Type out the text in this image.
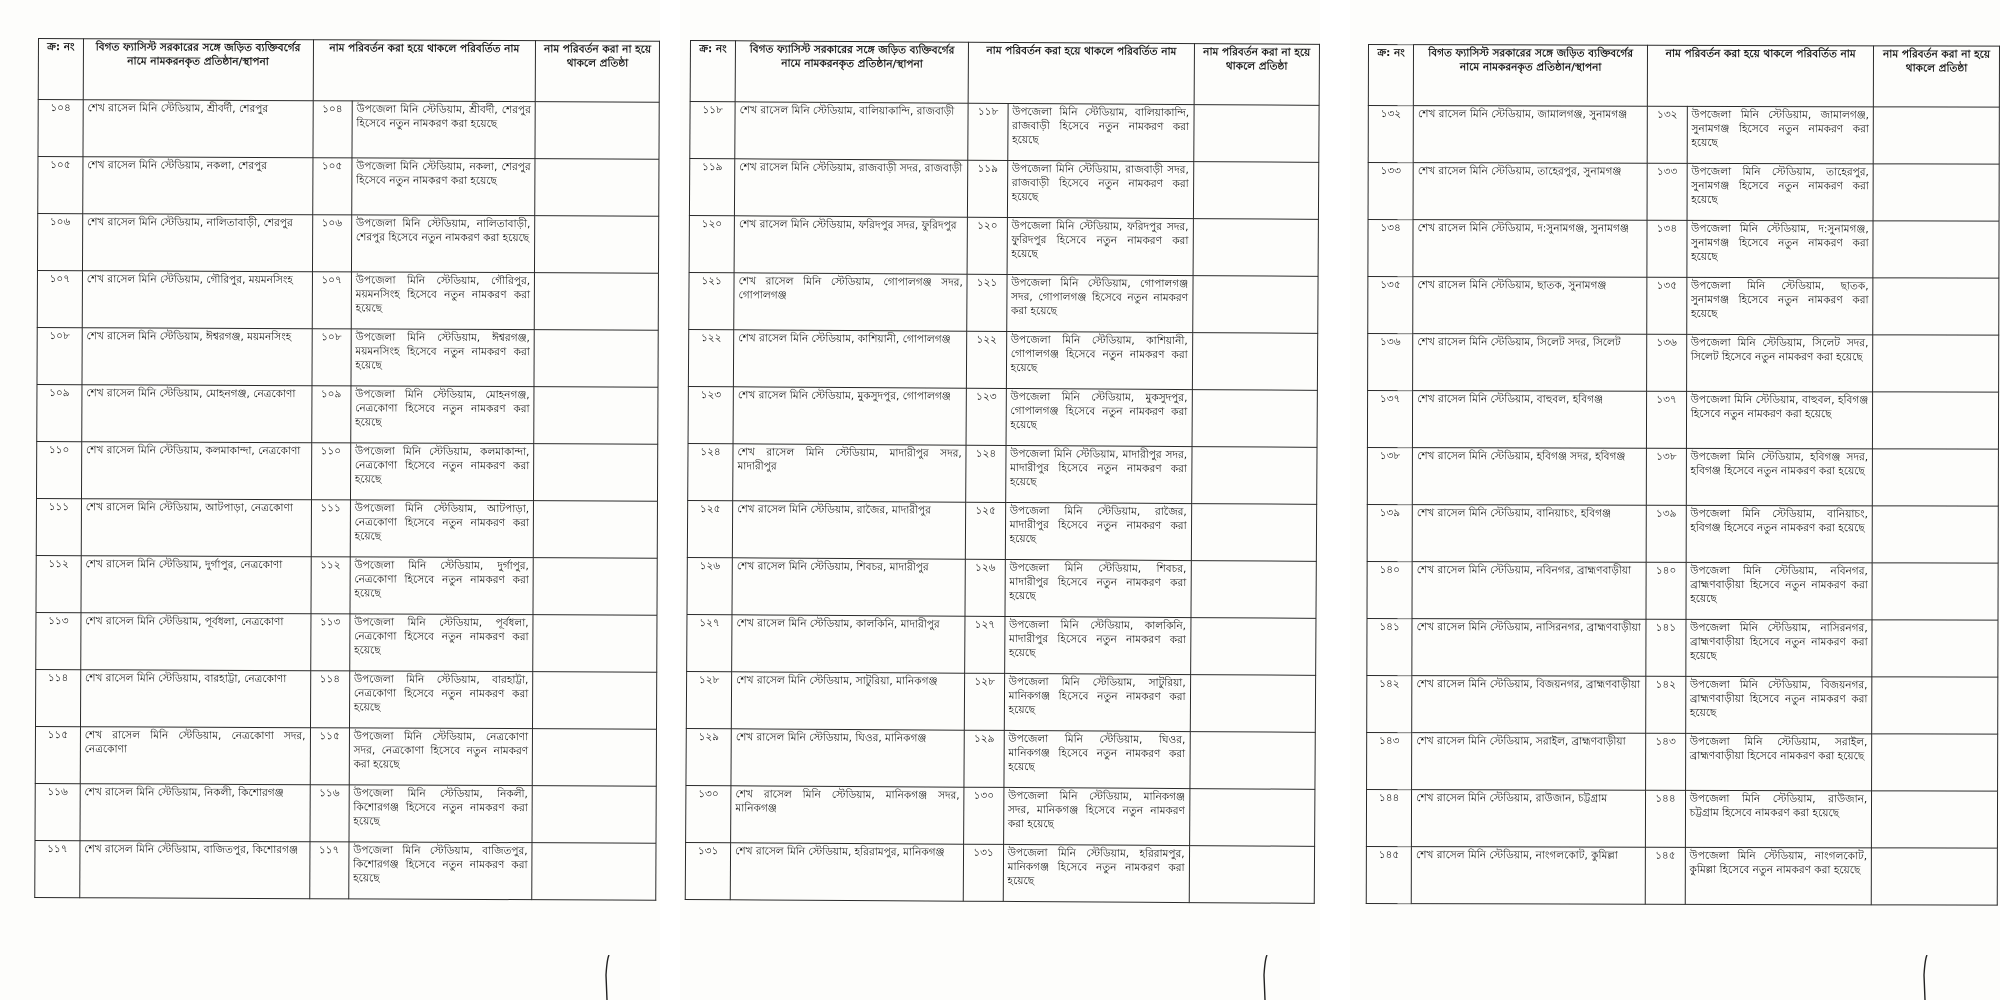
ক্র: নং	বিগত ফ্যাসিস্ট সরকারের সঙ্গে জড়িত ব্যক্তিবর্গের নামে নামকরনকৃত প্রতিষ্ঠান/স্থাপনা	নাম পরিবর্তন করা হয়ে থাকলে পরিবর্তিত নাম		নাম পরিবর্তন করা না হয়ে থাকলে প্রতিষ্ঠা
১০৪	শেখ রাসেল মিনি স্টেডিয়াম, শ্রীবর্দী, শেরপুর	১০৪	উপজেলা মিনি স্টেডিয়াম, শ্রীবর্দী, শেরপুর হিসেবে নতুন নামকরণ করা হয়েছে	
১০৫	শেখ রাসেল মিনি স্টেডিয়াম, নকলা, শেরপুর	১০৫	উপজেলা মিনি স্টেডিয়াম, নকলা, শেরপুর হিসেবে নতুন নামকরণ করা হয়েছে	
১০৬	শেখ রাসেল মিনি স্টেডিয়াম, নালিতাবাড়ী, শেরপুর	১০৬	উপজেলা মিনি স্টেডিয়াম, নালিতাবাড়ী, শেরপুর হিসেবে নতুন নামকরণ করা হয়েছে	
১০৭	শেখ রাসেল মিনি স্টেডিয়াম, গৌরিপুর, ময়মনসিংহ	১০৭	উপজেলা মিনি স্টেডিয়াম, গৌরিপুর, ময়মনসিংহ হিসেবে নতুন নামকরণ করা হয়েছে	
১০৮	শেখ রাসেল মিনি স্টেডিয়াম, ঈশ্বরগঞ্জ, ময়মনসিংহ	১০৮	উপজেলা মিনি স্টেডিয়াম, ঈশ্বরগঞ্জ, ময়মনসিংহ হিসেবে নতুন নামকরণ করা হয়েছে	
১০৯	শেখ রাসেল মিনি স্টেডিয়াম, মোহনগঞ্জ, নেত্রকোণা	১০৯	উপজেলা মিনি স্টেডিয়াম, মোহনগঞ্জ, নেত্রকোণা হিসেবে নতুন নামকরণ করা হয়েছে	
১১০	শেখ রাসেল মিনি স্টেডিয়াম, কলমাকান্দা, নেত্রকোণা	১১০	উপজেলা মিনি স্টেডিয়াম, কলমাকান্দা, নেত্রকোণা হিসেবে নতুন নামকরণ করা হয়েছে	
১১১	শেখ রাসেল মিনি স্টেডিয়াম, আটপাড়া, নেত্রকোণা	১১১	উপজেলা মিনি স্টেডিয়াম, আটপাড়া, নেত্রকোণা হিসেবে নতুন নামকরণ করা হয়েছে	
১১২	শেখ রাসেল মিনি স্টেডিয়াম, দুর্গাপুর, নেত্রকোণা	১১২	উপজেলা মিনি স্টেডিয়াম, দুর্গাপুর, নেত্রকোণা হিসেবে নতুন নামকরণ করা হয়েছে	
১১৩	শেখ রাসেল মিনি স্টেডিয়াম, পূর্বধলা, নেত্রকোণা	১১৩	উপজেলা মিনি স্টেডিয়াম, পূর্বধলা, নেত্রকোণা হিসেবে নতুন নামকরণ করা হয়েছে	
১১৪	শেখ রাসেল মিনি স্টেডিয়াম, বারহাট্টা, নেত্রকোণা	১১৪	উপজেলা মিনি স্টেডিয়াম, বারহাট্টা, নেত্রকোণা হিসেবে নতুন নামকরণ করা হয়েছে	
১১৫	শেখ রাসেল মিনি স্টেডিয়াম, নেত্রকোণা সদর, নেত্রকোণা	১১৫	উপজেলা মিনি স্টেডিয়াম, নেত্রকোণা সদর, নেত্রকোণা হিসেবে নতুন নামকরণ করা হয়েছে	
১১৬	শেখ রাসেল মিনি স্টেডিয়াম, নিকলী, কিশোরগঞ্জ	১১৬	উপজেলা মিনি স্টেডিয়াম, নিকলী, কিশোরগঞ্জ হিসেবে নতুন নামকরণ করা হয়েছে	
১১৭	শেখ রাসেল মিনি স্টেডিয়াম, বাজিতপুর, কিশোরগঞ্জ	১১৭	উপজেলা মিনি স্টেডিয়াম, বাজিতপুর, কিশোরগঞ্জ হিসেবে নতুন নামকরণ করা হয়েছে	
ক্র: নং	বিগত ফ্যাসিস্ট সরকারের সঙ্গে জড়িত ব্যক্তিবর্গের নামে নামকরনকৃত প্রতিষ্ঠান/স্থাপনা	নাম পরিবর্তন করা হয়ে থাকলে পরিবর্তিত নাম		নাম পরিবর্তন করা না হয়ে থাকলে প্রতিষ্ঠা
১১৮	শেখ রাসেল মিনি স্টেডিয়াম, বালিয়াকান্দি, রাজবাড়ী	১১৮	উপজেলা মিনি স্টেডিয়াম, বালিয়াকান্দি, রাজবাড়ী হিসেবে নতুন নামকরণ করা হয়েছে	
১১৯	শেখ রাসেল মিনি স্টেডিয়াম, রাজবাড়ী সদর, রাজবাড়ী	১১৯	উপজেলা মিনি স্টেডিয়াম, রাজবাড়ী সদর, রাজবাড়ী হিসেবে নতুন নামকরণ করা হয়েছে	
১২০	শেখ রাসেল মিনি স্টেডিয়াম, ফরিদপুর সদর, ফুরিদপুর	১২০	উপজেলা মিনি স্টেডিয়াম, ফরিদপুর সদর, ফুরিদপুর হিসেবে নতুন নামকরণ করা হয়েছে	
১২১	শেখ রাসেল মিনি স্টেডিয়াম, গোপালগঞ্জ সদর, গোপালগঞ্জ	১২১	উপজেলা মিনি স্টেডিয়াম, গোপালগঞ্জ সদর, গোপালগঞ্জ হিসেবে নতুন নামকরণ করা হয়েছে	
১২২	শেখ রাসেল মিনি স্টেডিয়াম, কাশিয়ানী, গোপালগঞ্জ	১২২	উপজেলা মিনি স্টেডিয়াম, কাশিয়ানী, গোপালগঞ্জ হিসেবে নতুন নামকরণ করা হয়েছে	
১২৩	শেখ রাসেল মিনি স্টেডিয়াম, মুকসুদপুর, গোপালগঞ্জ	১২৩	উপজেলা মিনি স্টেডিয়াম, মুকসুদপুর, গোপালগঞ্জ হিসেবে নতুন নামকরণ করা হয়েছে	
১২৪	শেখ রাসেল মিনি স্টেডিয়াম, মাদারীপুর সদর, মাদারীপুর	১২৪	উপজেলা মিনি স্টেডিয়াম, মাদারীপুর সদর, মাদারীপুর হিসেবে নতুন নামকরণ করা হয়েছে	
১২৫	শেখ রাসেল মিনি স্টেডিয়াম, রাজৈর, মাদারীপুর	১২৫	উপজেলা মিনি স্টেডিয়াম, রাজৈর, মাদারীপুর হিসেবে নতুন নামকরণ করা হয়েছে	
১২৬	শেখ রাসেল মিনি স্টেডিয়াম, শিবচর, মাদারীপুর	১২৬	উপজেলা মিনি স্টেডিয়াম, শিবচর, মাদারীপুর হিসেবে নতুন নামকরণ করা হয়েছে	
১২৭	শেখ রাসেল মিনি স্টেডিয়াম, কালকিনি, মাদারীপুর	১২৭	উপজেলা মিনি স্টেডিয়াম, কালকিনি, মাদারীপুর হিসেবে নতুন নামকরণ করা হয়েছে	
১২৮	শেখ রাসেল মিনি স্টেডিয়াম, সাটুরিয়া, মানিকগঞ্জ	১২৮	উপজেলা মিনি স্টেডিয়াম, সাটুরিয়া, মানিকগঞ্জ হিসেবে নতুন নামকরণ করা হয়েছে	
১২৯	শেখ রাসেল মিনি স্টেডিয়াম, ঘিওর, মানিকগঞ্জ	১২৯	উপজেলা মিনি স্টেডিয়াম, ঘিওর, মানিকগঞ্জ হিসেবে নতুন নামকরণ করা হয়েছে	
১৩০	শেখ রাসেল মিনি স্টেডিয়াম, মানিকগঞ্জ সদর, মানিকগঞ্জ	১৩০	উপজেলা মিনি স্টেডিয়াম, মানিকগঞ্জ সদর, মানিকগঞ্জ হিসেবে নতুন নামকরণ করা হয়েছে	
১৩১	শেখ রাসেল মিনি স্টেডিয়াম, হরিরামপুর, মানিকগঞ্জ	১৩১	উপজেলা মিনি স্টেডিয়াম, হরিরামপুর, মানিকগঞ্জ হিসেবে নতুন নামকরণ করা হয়েছে	
ক্র: নং	বিগত ফ্যাসিস্ট সরকারের সঙ্গে জড়িত ব্যক্তিবর্গের নামে নামকরনকৃত প্রতিষ্ঠান/স্থাপনা	নাম পরিবর্তন করা হয়ে থাকলে পরিবর্তিত নাম		নাম পরিবর্তন করা না হয়ে থাকলে প্রতিষ্ঠা
১৩২	শেখ রাসেল মিনি স্টেডিয়াম, জামালগঞ্জ, সুনামগঞ্জ	১৩২	উপজেলা মিনি স্টেডিয়াম, জামালগঞ্জ, সুনামগঞ্জ হিসেবে নতুন নামকরণ করা হয়েছে	
১৩৩	শেখ রাসেল মিনি স্টেডিয়াম, তাহেরপুর, সুনামগঞ্জ	১৩৩	উপজেলা মিনি স্টেডিয়াম, তাহেরপুর, সুনামগঞ্জ হিসেবে নতুন নামকরণ করা হয়েছে	
১৩৪	শেখ রাসেল মিনি স্টেডিয়াম, দ:সুনামগঞ্জ, সুনামগঞ্জ	১৩৪	উপজেলা মিনি স্টেডিয়াম, দ:সুনামগঞ্জ, সুনামগঞ্জ হিসেবে নতুন নামকরণ করা হয়েছে	
১৩৫	শেখ রাসেল মিনি স্টেডিয়াম, ছাতক, সুনামগঞ্জ	১৩৫	উপজেলা মিনি স্টেডিয়াম, ছাতক, সুনামগঞ্জ হিসেবে নতুন নামকরণ করা হয়েছে	
১৩৬	শেখ রাসেল মিনি স্টেডিয়াম, সিলেট সদর, সিলেট	১৩৬	উপজেলা মিনি স্টেডিয়াম, সিলেট সদর, সিলেট হিসেবে নতুন নামকরণ করা হয়েছে	
১৩৭	শেখ রাসেল মিনি স্টেডিয়াম, বাহুবল, হবিগঞ্জ	১৩৭	উপজেলা মিনি স্টেডিয়াম, বাহুবল, হবিগঞ্জ হিসেবে নতুন নামকরণ করা হয়েছে	
১৩৮	শেখ রাসেল মিনি স্টেডিয়াম, হবিগঞ্জ সদর, হবিগঞ্জ	১৩৮	উপজেলা মিনি স্টেডিয়াম, হবিগঞ্জ সদর, হবিগঞ্জ হিসেবে নতুন নামকরণ করা হয়েছে	
১৩৯	শেখ রাসেল মিনি স্টেডিয়াম, বানিয়াচং, হবিগঞ্জ	১৩৯	উপজেলা মিনি স্টেডিয়াম, বানিয়াচং, হবিগঞ্জ হিসেবে নতুন নামকরণ করা হয়েছে	
১৪০	শেখ রাসেল মিনি স্টেডিয়াম, নবিনগর, ব্রাহ্মণবাড়ীয়া	১৪০	উপজেলা মিনি স্টেডিয়াম, নবিনগর, ব্রাহ্মণবাড়ীয়া হিসেবে নতুন নামকরণ করা হয়েছে	
১৪১	শেখ রাসেল মিনি স্টেডিয়াম, নাসিরনগর, ব্রাহ্মণবাড়ীয়া	১৪১	উপজেলা মিনি স্টেডিয়াম, নাসিরনগর, ব্রাহ্মণবাড়ীয়া হিসেবে নতুন নামকরণ করা হয়েছে	
১৪২	শেখ রাসেল মিনি স্টেডিয়াম, বিজয়নগর, ব্রাহ্মণবাড়ীয়া	১৪২	উপজেলা মিনি স্টেডিয়াম, বিজয়নগর, ব্রাহ্মণবাড়ীয়া হিসেবে নতুন নামকরণ করা হয়েছে	
১৪৩	শেখ রাসেল মিনি স্টেডিয়াম, সরাইল, ব্রাহ্মণবাড়ীয়া	১৪৩	উপজেলা মিনি স্টেডিয়াম, সরাইল, ব্রাহ্মণবাড়ীয়া হিসেবে নামকরণ করা হয়েছে	
১৪৪	শেখ রাসেল মিনি স্টেডিয়াম, রাউজান, চট্টগ্রাম	১৪৪	উপজেলা মিনি স্টেডিয়াম, রাউজান, চট্টগ্রাম হিসেবে নামকরণ করা হয়েছে	
১৪৫	শেখ রাসেল মিনি স্টেডিয়াম, নাংগলকোট, কুমিল্লা	১৪৫	উপজেলা মিনি স্টেডিয়াম, নাংগলকোট, কুমিল্লা হিসেবে নতুন নামকরণ করা হয়েছে	
